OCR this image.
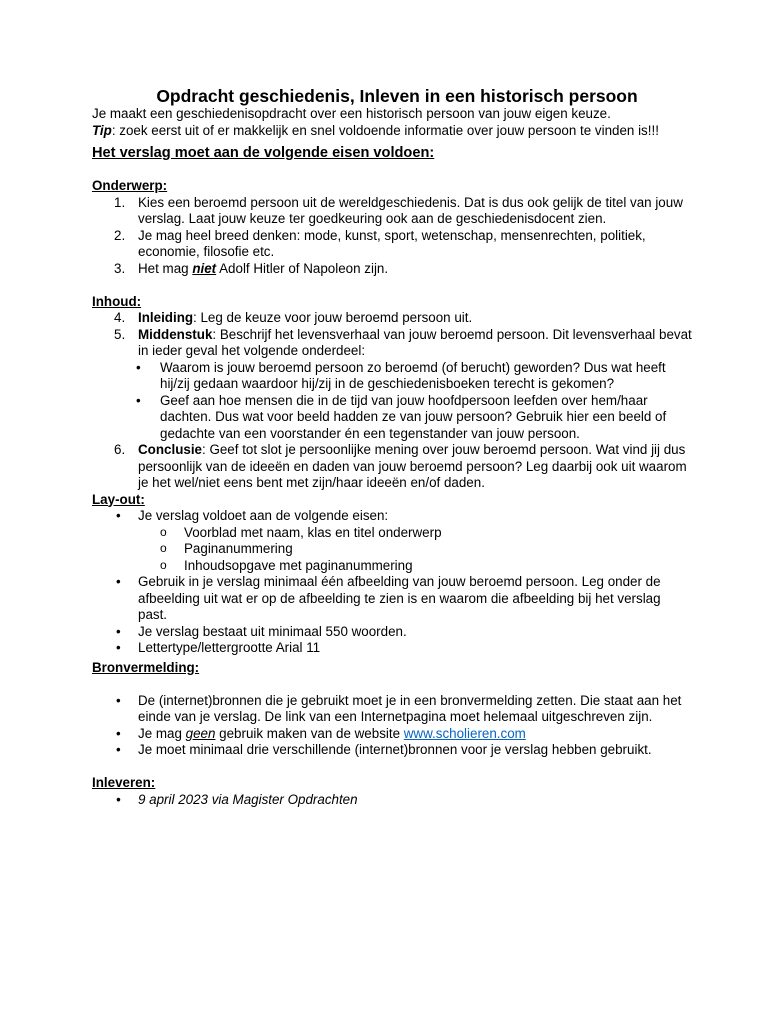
Opdracht geschiedenis, Inleven in een historisch persoon

Je maakt een geschiedenisopdracht over een historisch persoon van jouw eigen keuze.

Tip: zoek eerst uit of er makkelijk en snel voldoende informatie over jouw persoon te vinden is!!!

Het verslag moet aan de volgende eisen voldoen:

Onderwerp:

1. Kies een beroemd persoon uit de wereldgeschiedenis. Dat is dus ook gelijk de titel van jouw verslag. Laat jouw keuze ter goedkeuring ook aan de geschiedenisdocent zien.
2. Je mag heel breed denken: mode, kunst, sport, wetenschap, mensenrechten, politiek, economie, filosofie etc.
3. Het mag niet Adolf Hitler of Napoleon zijn.

Inhoud:

4. Inleiding: Leg de keuze voor jouw beroemd persoon uit.
5. Middenstuk: Beschrijf het levensverhaal van jouw beroemd persoon. Dit levensverhaal bevat in ieder geval het volgende onderdeel:
• Waarom is jouw beroemd persoon zo beroemd (of berucht) geworden? Dus wat heeft hij/zij gedaan waardoor hij/zij in de geschiedenisboeken terecht is gekomen?
• Geef aan hoe mensen die in de tijd van jouw hoofdpersoon leefden over hem/haar dachten. Dus wat voor beeld hadden ze van jouw persoon? Gebruik hier een beeld of gedachte van een voorstander én een tegenstander van jouw persoon.
6. Conclusie: Geef tot slot je persoonlijke mening over jouw beroemd persoon. Wat vind jij dus persoonlijk van de ideeën en daden van jouw beroemd persoon? Leg daarbij ook uit waarom je het wel/niet eens bent met zijn/haar ideeën en/of daden.

Lay-out:

• Je verslag voldoet aan de volgende eisen:
o Voorblad met naam, klas en titel onderwerp
o Paginanummering
o Inhoudsopgave met paginanummering
• Gebruik in je verslag minimaal één afbeelding van jouw beroemd persoon. Leg onder de afbeelding uit wat er op de afbeelding te zien is en waarom die afbeelding bij het verslag past.
• Je verslag bestaat uit minimaal 550 woorden.
• Lettertype/lettergrootte Arial 11

Bronvermelding:

• De (internet)bronnen die je gebruikt moet je in een bronvermelding zetten. Die staat aan het einde van je verslag. De link van een Internetpagina moet helemaal uitgeschreven zijn.
• Je mag geen gebruik maken van de website www.scholieren.com
• Je moet minimaal drie verschillende (internet)bronnen voor je verslag hebben gebruikt.

Inleveren:

• 9 april 2023 via Magister Opdrachten
